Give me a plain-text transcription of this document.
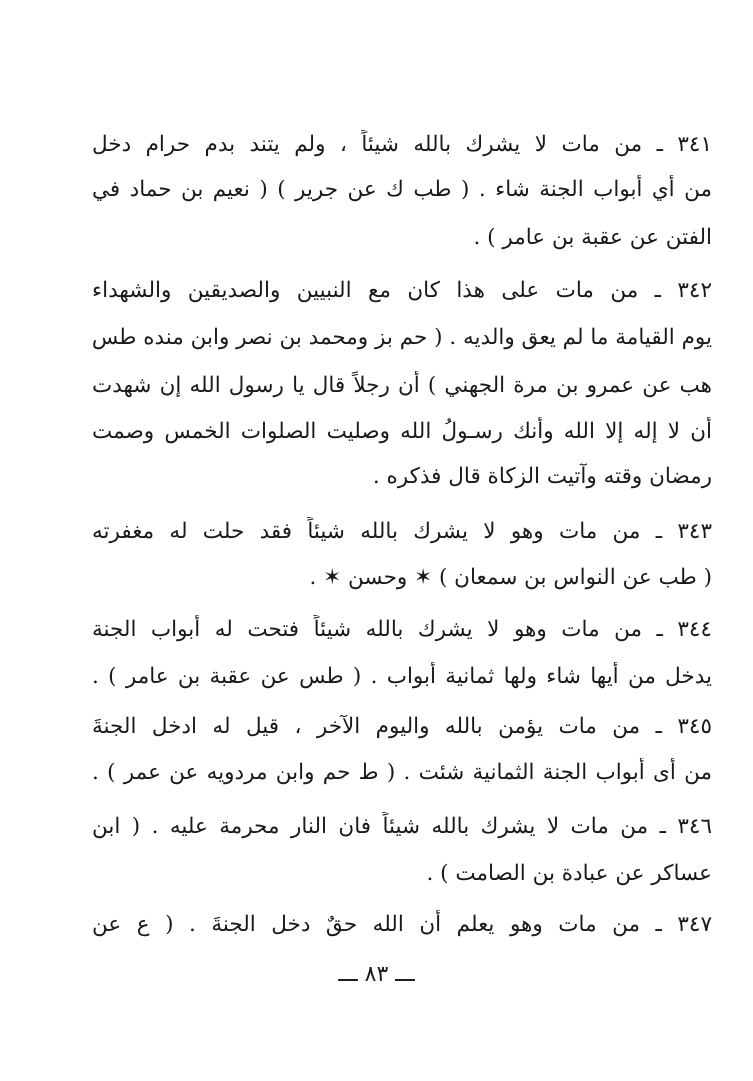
٣٤١ ـ من مات لا يشرك بالله شيئاً ، ولم يتند بدم حرام دخل
من أي أبواب الجنة شاء . ( طب ك عن جرير ) ( نعيم بن حماد في
الفتن عن عقبة بن عامر ) .
٣٤٢ ـ من مات على هذا كان مع النبيين والصديقين والشهداء
يوم القيامة ما لم يعق والديه . ( حم بز ومحمد بن نصر وابن منده طس
هب عن عمرو بن مرة الجهني ) أن رجلاً قال يا رسول الله إن شهدت
أن لا إله إلا الله وأنك رسـولُ الله وصليت الصلوات الخمس وصمت
رمضان وقته وآتيت الزكاة قال فذكره .
٣٤٣ ـ من مات وهو لا يشرك بالله شيئاً فقد حلت له مغفرته
( طب عن النواس بن سمعان ) ✶ وحسن ✶ .
٣٤٤ ـ من مات وهو لا يشرك بالله شيئاً فتحت له أبواب الجنة
يدخل من أيها شاء ولها ثمانية أبواب . ( طس عن عقبة بن عامر ) .
٣٤٥ ـ من مات يؤمن بالله واليوم الآخر ، قيل له ادخل الجنةَ
من أى أبواب الجنة الثمانية شئت . ( ط حم وابن مردويه عن عمر ) .
٣٤٦ ـ من مات لا يشرك بالله شيئاً فان النار محرمة عليه . ( ابن
عساكر عن عبادة بن الصامت ) .
٣٤٧ ـ من مات وهو يعلم أن الله حقٌ دخل الجنةَ . ( ع عن
ـــ ٨٣ ـــ
